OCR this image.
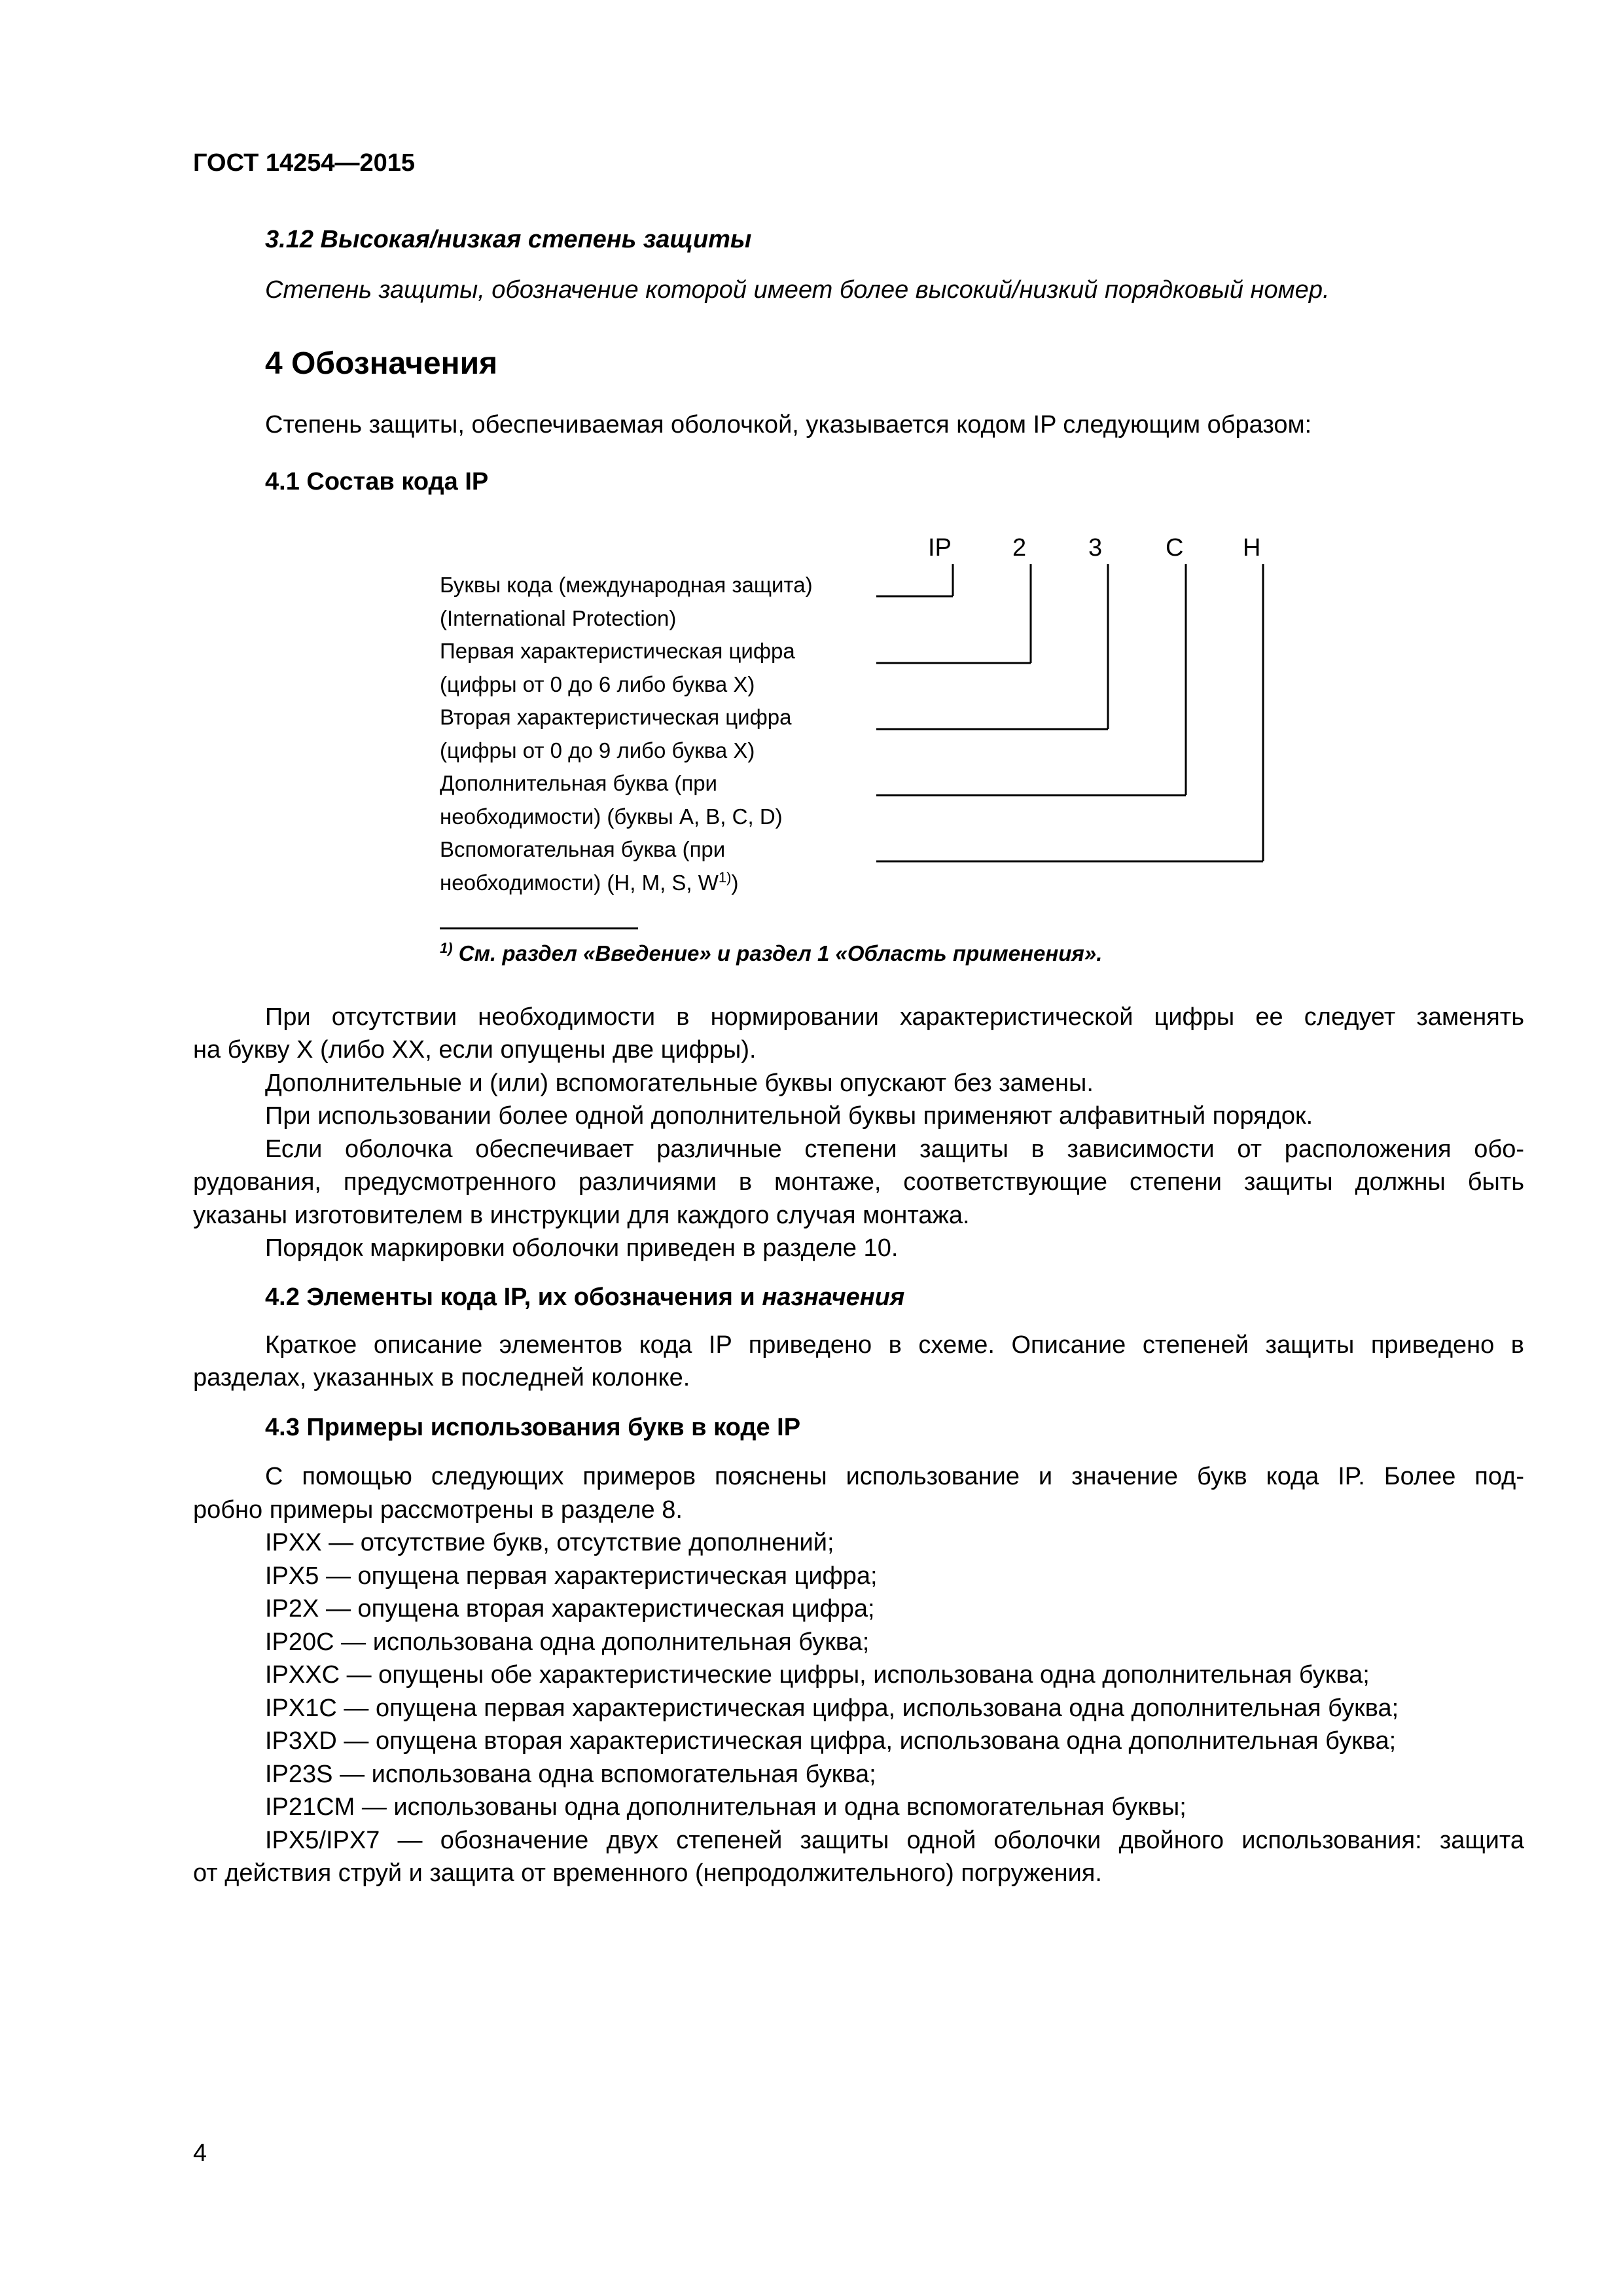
ГОСТ 14254—2015
3.12 Высокая/низкая степень защиты
Степень защиты, обозначение которой имеет более высокий/низкий порядковый номер.
4 Обозначения
Степень защиты, обеспечиваемая оболочкой, указывается кодом IP следующим образом:
4.1 Состав кода IP
IP 2 3	C H
Буквы кода (международная защита)
(International Protection)
Первая характеристическая цифра
(цифры от 0 до 6 либо буква X)
Вторая характеристическая цифра
(цифры от 0 до 9 либо буква X)
Дополнительная буква (при
необходимости) (буквы A, B, C, D)
Вспомогательная буква (при
необходимости) (H, M, S, $W^{1)}$)
$^{1)}$ См. раздел «Введение» и раздел 1 «Область применения».
При отсутствии необходимости в нормировании характеристической цифры ее следует заменять
на букву X (либо XX, если опущены две цифры).
Дополнительные и (или) вспомогательные буквы опускают без замены.
При использовании более одной дополнительной буквы применяют алфавитный порядок.
Если оболочка обеспечивает различные степени защиты в зависимости от расположения обо-
рудования, предусмотренного различиями в монтаже, соответствующие степени защиты должны быть
указаны изготовителем в инструкции для каждого случая монтажа.
Порядок маркировки оболочки приведен в разделе 10.
4.2 Элементы кода IP, их обозначения и назначения
Краткое описание элементов кода IP приведено в схеме. Описание степеней защиты приведено в
разделах, указанных в последней колонке.
4.3 Примеры использования букв в коде IP
С помощью следующих примеров пояснены использование и значение букв кода IP. Более под-
робно примеры рассмотрены в разделе 8.
IPXX — отсутствие букв, отсутствие дополнений;
IPX5 — опущена первая характеристическая цифра;
IP2X — опущена вторая характеристическая цифра;
IP20C — использована одна дополнительная буква;
IPXXC — опущены обе характеристические цифры, использована одна дополнительная буква;
IPX1C — опущена первая характеристическая цифра, использована одна дополнительная буква;
IP3XD — опущена вторая характеристическая цифра, использована одна дополнительная буква;
IP23S — использована одна вспомогательная буква;
IP21CM — использованы одна дополнительная и одна вспомогательная буквы;
IPX5/IPX7 — обозначение двух степеней защиты одной оболочки двойного использования: защита
от действия струй и защита от временного (непродолжительного) погружения.
4
